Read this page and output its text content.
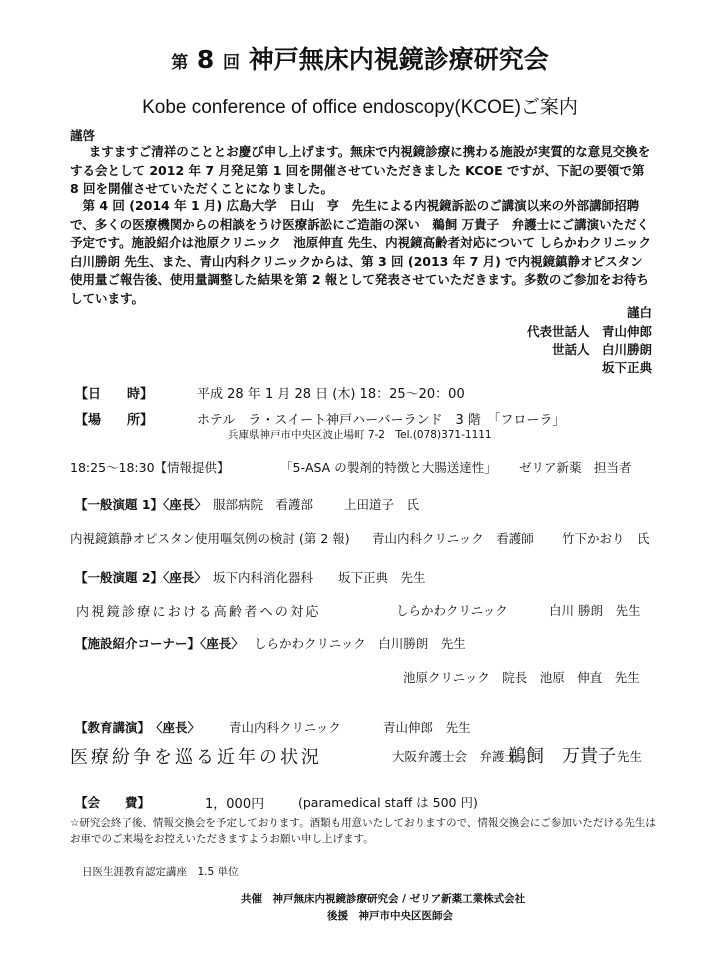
第 8 回 神戸無床内視鏡診療研究会
Kobe conference of office endoscopy(KCOE)ご案内
謹啓
ますますご清祥のこととお慶び申し上げます。無床で内視鏡診療に携わる施設が実質的な意見交換をする会として 2012 年 7 月発足第 1 回を開催させていただきました KCOE ですが、下記の要領で第 8 回を開催させていただくことになりました。
第 4 回 (2014 年 1 月) 広島大学　日山　亨　先生による内視鏡訴訟のご講演以来の外部講師招聘で、多くの医療機関からの相談をうけ医療訴訟にご造詣の深い　鵜飼 万貴子　弁護士にご講演いただく予定です。施設紹介は池原クリニック　池原伸直 先生、内視鏡高齢者対応について しらかわクリニック 白川勝朗 先生、また、青山内科クリニックからは、第 3 回 (2013 年 7 月) で内視鏡鎮静オピスタン使用量ご報告後、使用量調整した結果を第 2 報として発表させていただきます。多数のご参加をお待ちしています。
謹白
代表世話人　 青山伸郎
世話人　 白川勝朗
坂下正典
【日　　時】	平成 28 年 1 月 28 日 (木) 18：25〜20：00
【場　　所】	ホテル　ラ・スイート神戸ハーバーランド　3 階　「フローラ」
兵庫県神戸市中央区波止場町 7-2　Tel.(078)371-1111
18:25〜18:30【情報提供】	「5-ASA の製剤的特徴と大腸送達性」 ゼリア新薬　担当者
【一般演題 1】〈座長〉 服部病院　看護部 上田道子　氏
内視鏡鎮静オピスタン使用嘔気例の検討 (第 2 報) 青山内科クリニック　看護師 竹下かおり　氏
【一般演題 2】〈座長〉 坂下内科消化器科　　坂下正典　先生
内視鏡診療における高齢者への対応	しらかわクリニック	白川 勝朗　先生
【施設紹介コーナー】〈座長〉 しらかわクリニック　白川勝朗　先生
池原クリニック　院長　池原　伸直　先生
【教育講演】　〈座長〉 青山内科クリニック	青山伸郎　先生
医療紛争を巡る近年の状況	大阪弁護士会　弁護士
鵜飼　万貴子 先生
【会　　費】	1，000円	(paramedical staff は 500 円)
☆研究会終了後、情報交換会を予定しております。酒類も用意いたしておりますので、情報交換会にご参加いただける先生は
お車でのご来場をお控えいただきますようお願い申し上げます。
日医生涯教育認定講座　1.5 単位
共催　神戸無床内視鏡診療研究会 / ゼリア新薬工業株式会社
後援　神戸市中央区医師会
